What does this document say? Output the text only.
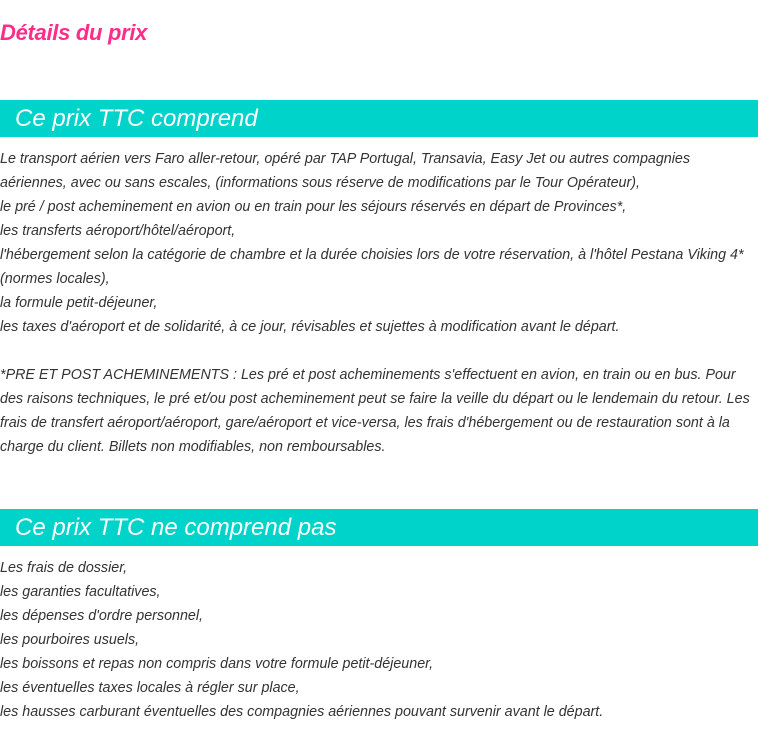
Détails du prix
Ce prix TTC comprend

Le transport aérien vers Faro aller-retour, opéré par TAP Portugal, Transavia, Easy Jet ou autres compagnies aériennes, avec ou sans escales, (informations sous réserve de modifications par le Tour Opérateur),

le pré / post acheminement en avion ou en train pour les séjours réservés en départ de Provinces*,

les transferts aéroport/hôtel/aéroport,

l'hébergement selon la catégorie de chambre et la durée choisies lors de votre réservation, à l'hôtel Pestana Viking 4* (normes locales),

la formule petit-déjeuner,

les taxes d'aéroport et de solidarité, à ce jour, révisables et sujettes à modification avant le départ.

*PRE ET POST ACHEMINEMENTS : Les pré et post acheminements s'effectuent en avion, en train ou en bus. Pour des raisons techniques, le pré et/ou post acheminement peut se faire la veille du départ ou le lendemain du retour. Les frais de transfert aéroport/aéroport, gare/aéroport et vice-versa, les frais d'hébergement ou de restauration sont à la charge du client. Billets non modifiables, non remboursables.

Ce prix TTC ne comprend pas

Les frais de dossier,

les garanties facultatives,

les dépenses d'ordre personnel,

les pourboires usuels,

les boissons et repas non compris dans votre formule petit-déjeuner,

les éventuelles taxes locales à régler sur place,

les hausses carburant éventuelles des compagnies aériennes pouvant survenir avant le départ.
